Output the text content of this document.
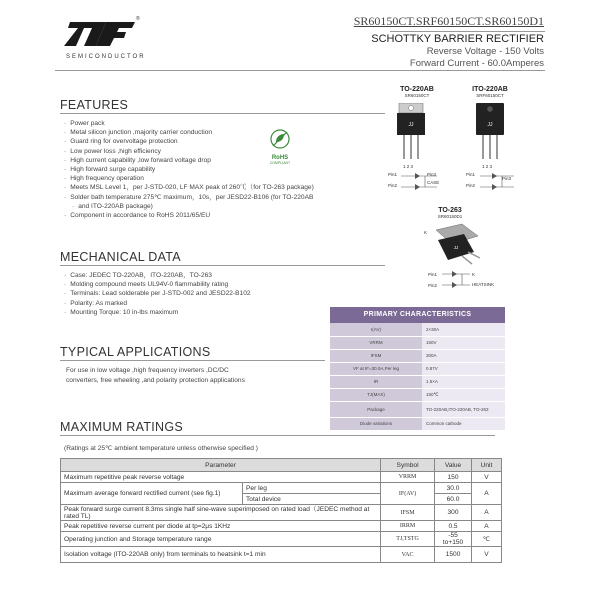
®
SEMICONDUCTOR
SR60150CT.SRF60150CT.SR60150D1
SCHOTTKY BARRIER RECTIFIER
Reverse Voltage - 150 Volts
Forward Current - 60.0Amperes
FEATURES
· Power pack
· Metal silicon junction ,majority carrier conduction
· Guard ring for overvoltage protection
· Low power loss ,high efficiency
· High current capability ,low forward voltage drop
· High forward surge capability
· High frequency operation
· Meets MSL Level 1，per J-STD-020, LF MAX peak of 260℃（for TO-263 package)
· Solder bath temperature 275℃ maximum，10s，per JESD22-B106 (for TO-220AB
· and ITO-220AB package)
· Component in accordance to RoHS 2011/65/EU
RoHS
COMPLIANT
MECHANICAL DATA
· Case: JEDEC TO-220AB，ITO-220AB，TO-263
· Molding compound meets UL94V-0 flammability rating
· Terminals: Lead solderable per J-STD-002 and JESD22-B102
· Polarity: As marked
· Mounting Torque: 10 in-lbs maximum
TYPICAL APPLICATIONS
For use in low voltage ,high frequency inverters ,DC/DC
converters, free wheeling ,and polarity protection applications
TO-220AB
SR60150CT
JJ
1 2 3
Pin1
Pin2
Pin3
CASE
ITO-220AB
SRF60150CT
JJ
1 2 3
Pin1
Pin2
Pin3
TO-263
SR60150D1
JJ
K
Pin1
Pin2
K
HEATSINK
PRIMARY CHARACTERISTICS
I(AV)	2×30A
VRRM	150V
IFSM	300A
VF at IF=30.0A,Per leg	0.87V
IR	1.5×A
TJ(MAX)	150℃
Package	TO-220AB,ITO-220AB, TO-263
Diode variations	Common cathode
MAXIMUM RATINGS
(Ratings at 25℃ ambient temperature unless otherwise specified )
Parameter		Symbol	Value	Unit
Maximum repetitive peak reverse voltage		VRRM	150	V
Maximum average forward rectified current (see fig.1)	Per leg	IF(AV)	30.0	A
	Total device		60.0	
Peak forward surge current 8.3ms single half sine-wave superimposed on rated load（JEDEC method at rated TL)		IFSM	300	A
Peak repetitive reverse current per diode at tp=2μs 1KHz		IRRM	0.5	A
Operating junction and Storage temperature range		TJ,TSTG	-55 to+150	℃
Isolation voltage (ITO-220AB only) from terminals to heatsink t=1 min		VAC	1500	V
